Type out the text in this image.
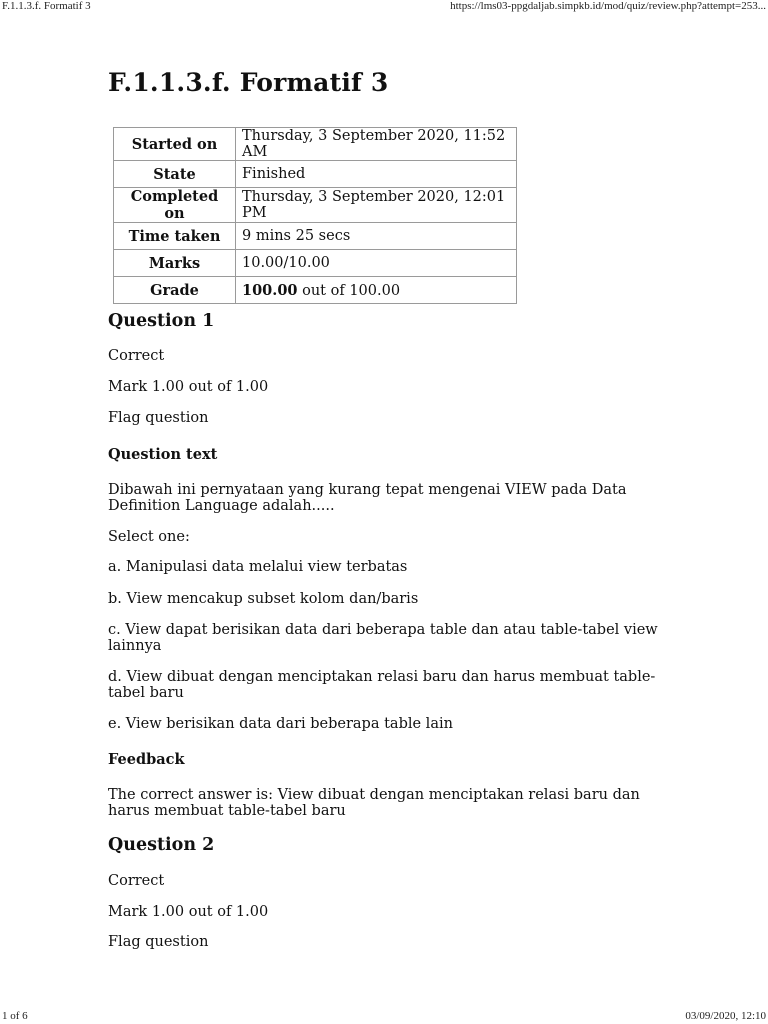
F.1.1.3.f. Formatif 3	https://lms03-ppgdaljab.simpkb.id/mod/quiz/review.php?attempt=253...
F.1.1.3.f. Formatif 3
Started on	Thursday, 3 September 2020, 11:52 AM
State	Finished
Completed on	Thursday, 3 September 2020, 12:01 PM
Time taken	9 mins 25 secs
Marks	10.00/10.00
Grade	100.00 out of 100.00
Question 1

Correct

Mark 1.00 out of 1.00

Flag question

Question text

Dibawah ini pernyataan yang kurang tepat mengenai VIEW pada Data Definition Language adalah.....

Select one:

a. Manipulasi data melalui view terbatas

b. View mencakup subset kolom dan/baris

c. View dapat berisikan data dari beberapa table dan atau table-tabel view lainnya

d. View dibuat dengan menciptakan relasi baru dan harus membuat table-tabel baru

e. View berisikan data dari beberapa table lain

Feedback

The correct answer is: View dibuat dengan menciptakan relasi baru dan harus membuat table-tabel baru

Question 2

Correct

Mark 1.00 out of 1.00

Flag question

1 of 6	03/09/2020, 12:10
